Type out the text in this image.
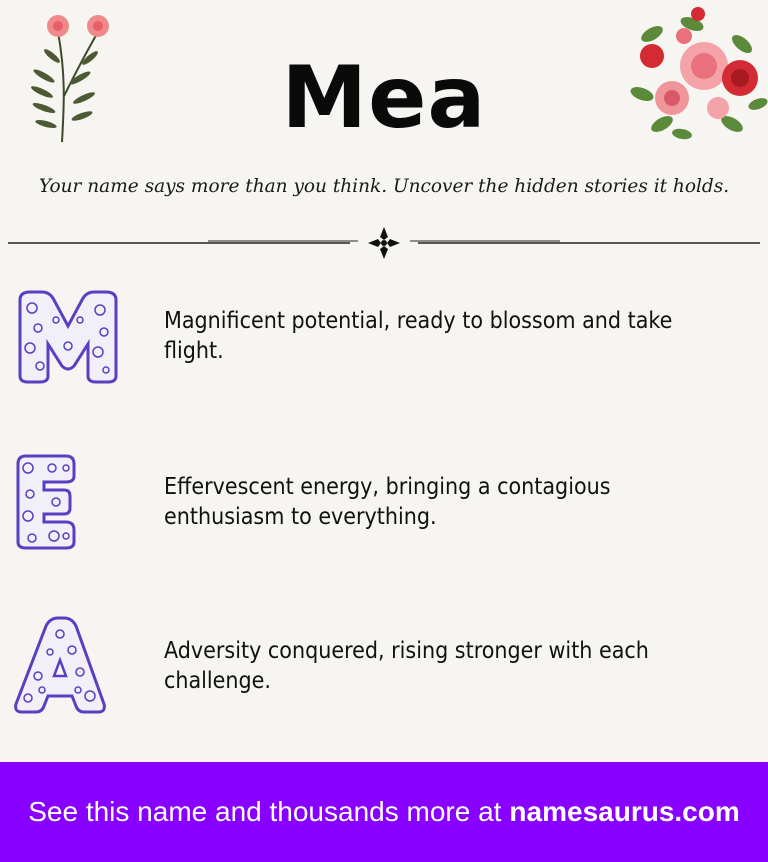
Mea
Your name says more than you think. Uncover the hidden stories it holds.
Magnificent potential, ready to blossom and take flight.
Effervescent energy, bringing a contagious enthusiasm to everything.
Adversity conquered, rising stronger with each challenge.
See this name and thousands more at namesaurus.com
